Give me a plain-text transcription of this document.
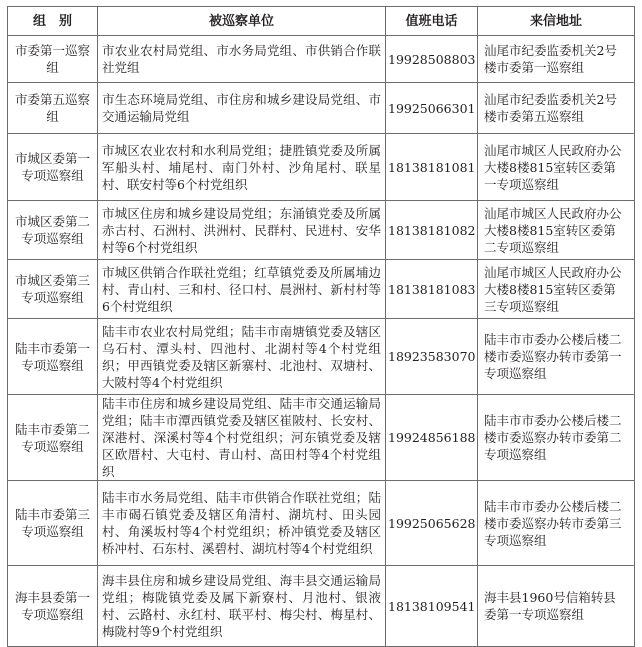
组　别	被巡察单位	值班电话	来信地址
市委第一巡察组	市农业农村局党组、市水务局党组、市供销合作联社党组	19928508803	汕尾市纪委监委机关2号楼市委第一巡察组
市委第五巡察组	市生态环境局党组、市住房和城乡建设局党组、市交通运输局党组	19925066301	汕尾市纪委监委机关2号楼市委第五巡察组
市城区委第一专项巡察组	市城区农业农村和水利局党组；捷胜镇党委及所属军船头村、埔尾村、南门外村、沙角尾村、联星村、联安村等6个村党组织	18138181081	汕尾市城区人民政府办公大楼8楼815室转区委第一专项巡察组
市城区委第二专项巡察组	市城区住房和城乡建设局党组；东涌镇党委及所属赤古村、石洲村、洪洲村、民群村、民进村、安华村等6个村党组织	18138181082	汕尾市城区人民政府办公大楼8楼815室转区委第二专项巡察组
市城区委第三专项巡察组	市城区供销合作联社党组；红草镇党委及所属埔边村、青山村、三和村、径口村、晨洲村、新村村等6个村党组织	18138181083	汕尾市城区人民政府办公大楼8楼815室转区委第三专项巡察组
陆丰市委第一专项巡察组	陆丰市农业农村局党组；陆丰市南塘镇党委及辖区乌石村、潭头村、四池村、北湖村等4个村党组织；甲西镇党委及辖区新寨村、北池村、双塘村、大陂村等4个村党组织	18923583070	陆丰市市委办公楼后楼二楼市委巡察办转市委第一专项巡察组
陆丰市委第二专项巡察组	陆丰市住房和城乡建设局党组、陆丰市交通运输局党组；陆丰市潭西镇党委及辖区崔陂村、长安村、深港村、深溪村等4个村党组织；河东镇党委及辖区欧厝村、大屯村、青山村、高田村等4个村党组织	19924856188	陆丰市市委办公楼后楼二楼市委巡察办转市委第二专项巡察组
陆丰市委第三专项巡察组	陆丰市水务局党组、陆丰市供销合作联社党组；陆丰市碣石镇党委及辖区角清村、湖坑村、田头园村、角溪坂村等4个村党组织；桥冲镇党委及辖区桥冲村、石东村、溪碧村、湖坑村等4个村党组织	19925065628	陆丰市市委办公楼后楼二楼市委巡察办转市委第三专项巡察组
海丰县委第一专项巡察组	海丰县住房和城乡建设局党组、海丰县交通运输局党组；梅陇镇党委及属下新寮村、月池村、银液村、云路村、永红村、联平村、梅尖村、梅星村、梅陇村等9个村党组织	18138109541	海丰县1960号信箱转县委第一专项巡察组
